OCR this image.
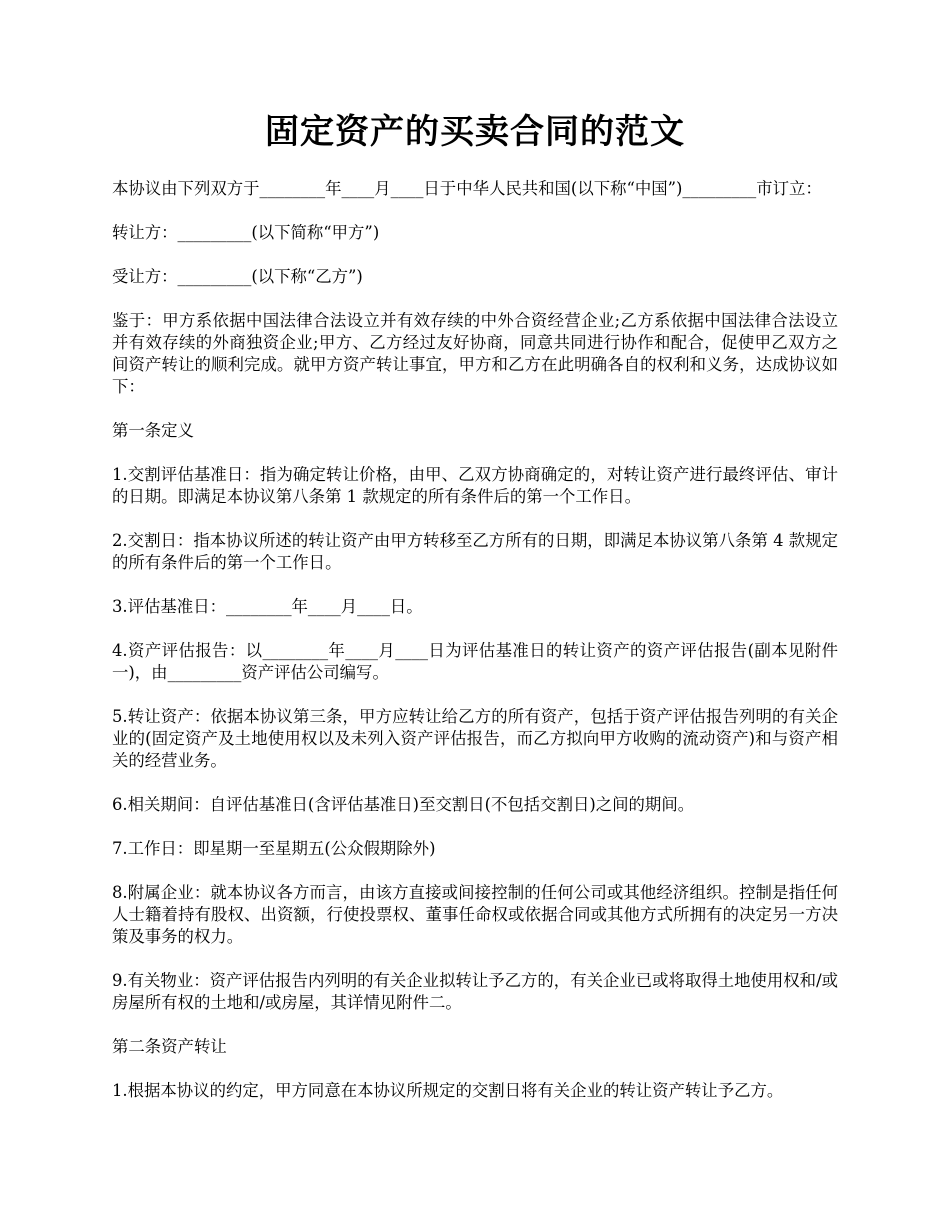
固定资产的买卖合同的范文

本协议由下列双方于________年____月____日于中华人民共和国(以下称“中国”)_________市订立：

转让方：_________(以下简称“甲方”)

受让方：_________(以下称“乙方”)

鉴于：甲方系依据中国法律合法设立并有效存续的中外合资经营企业;乙方系依据中国法律合法设立并有效存续的外商独资企业;甲方、乙方经过友好协商，同意共同进行协作和配合，促使甲乙双方之间资产转让的顺利完成。就甲方资产转让事宜，甲方和乙方在此明确各自的权利和义务，达成协议如下：

第一条定义

1.交割评估基准日：指为确定转让价格，由甲、乙双方协商确定的，对转让资产进行最终评估、审计的日期。即满足本协议第八条第 1 款规定的所有条件后的第一个工作日。

2.交割日：指本协议所述的转让资产由甲方转移至乙方所有的日期，即满足本协议第八条第 4 款规定的所有条件后的第一个工作日。

3.评估基准日：________年____月____日。

4.资产评估报告：以________年____月____日为评估基准日的转让资产的资产评估报告(副本见附件一)，由_________资产评估公司编写。

5.转让资产：依据本协议第三条，甲方应转让给乙方的所有资产，包括于资产评估报告列明的有关企业的(固定资产及土地使用权以及未列入资产评估报告，而乙方拟向甲方收购的流动资产)和与资产相关的经营业务。

6.相关期间：自评估基准日(含评估基准日)至交割日(不包括交割日)之间的期间。

7.工作日：即星期一至星期五(公众假期除外)

8.附属企业：就本协议各方而言，由该方直接或间接控制的任何公司或其他经济组织。控制是指任何人士籍着持有股权、出资额，行使投票权、董事任命权或依据合同或其他方式所拥有的决定另一方决策及事务的权力。

9.有关物业：资产评估报告内列明的有关企业拟转让予乙方的，有关企业已或将取得土地使用权和/或房屋所有权的土地和/或房屋，其详情见附件二。

第二条资产转让

1.根据本协议的约定，甲方同意在本协议所规定的交割日将有关企业的转让资产转让予乙方。
